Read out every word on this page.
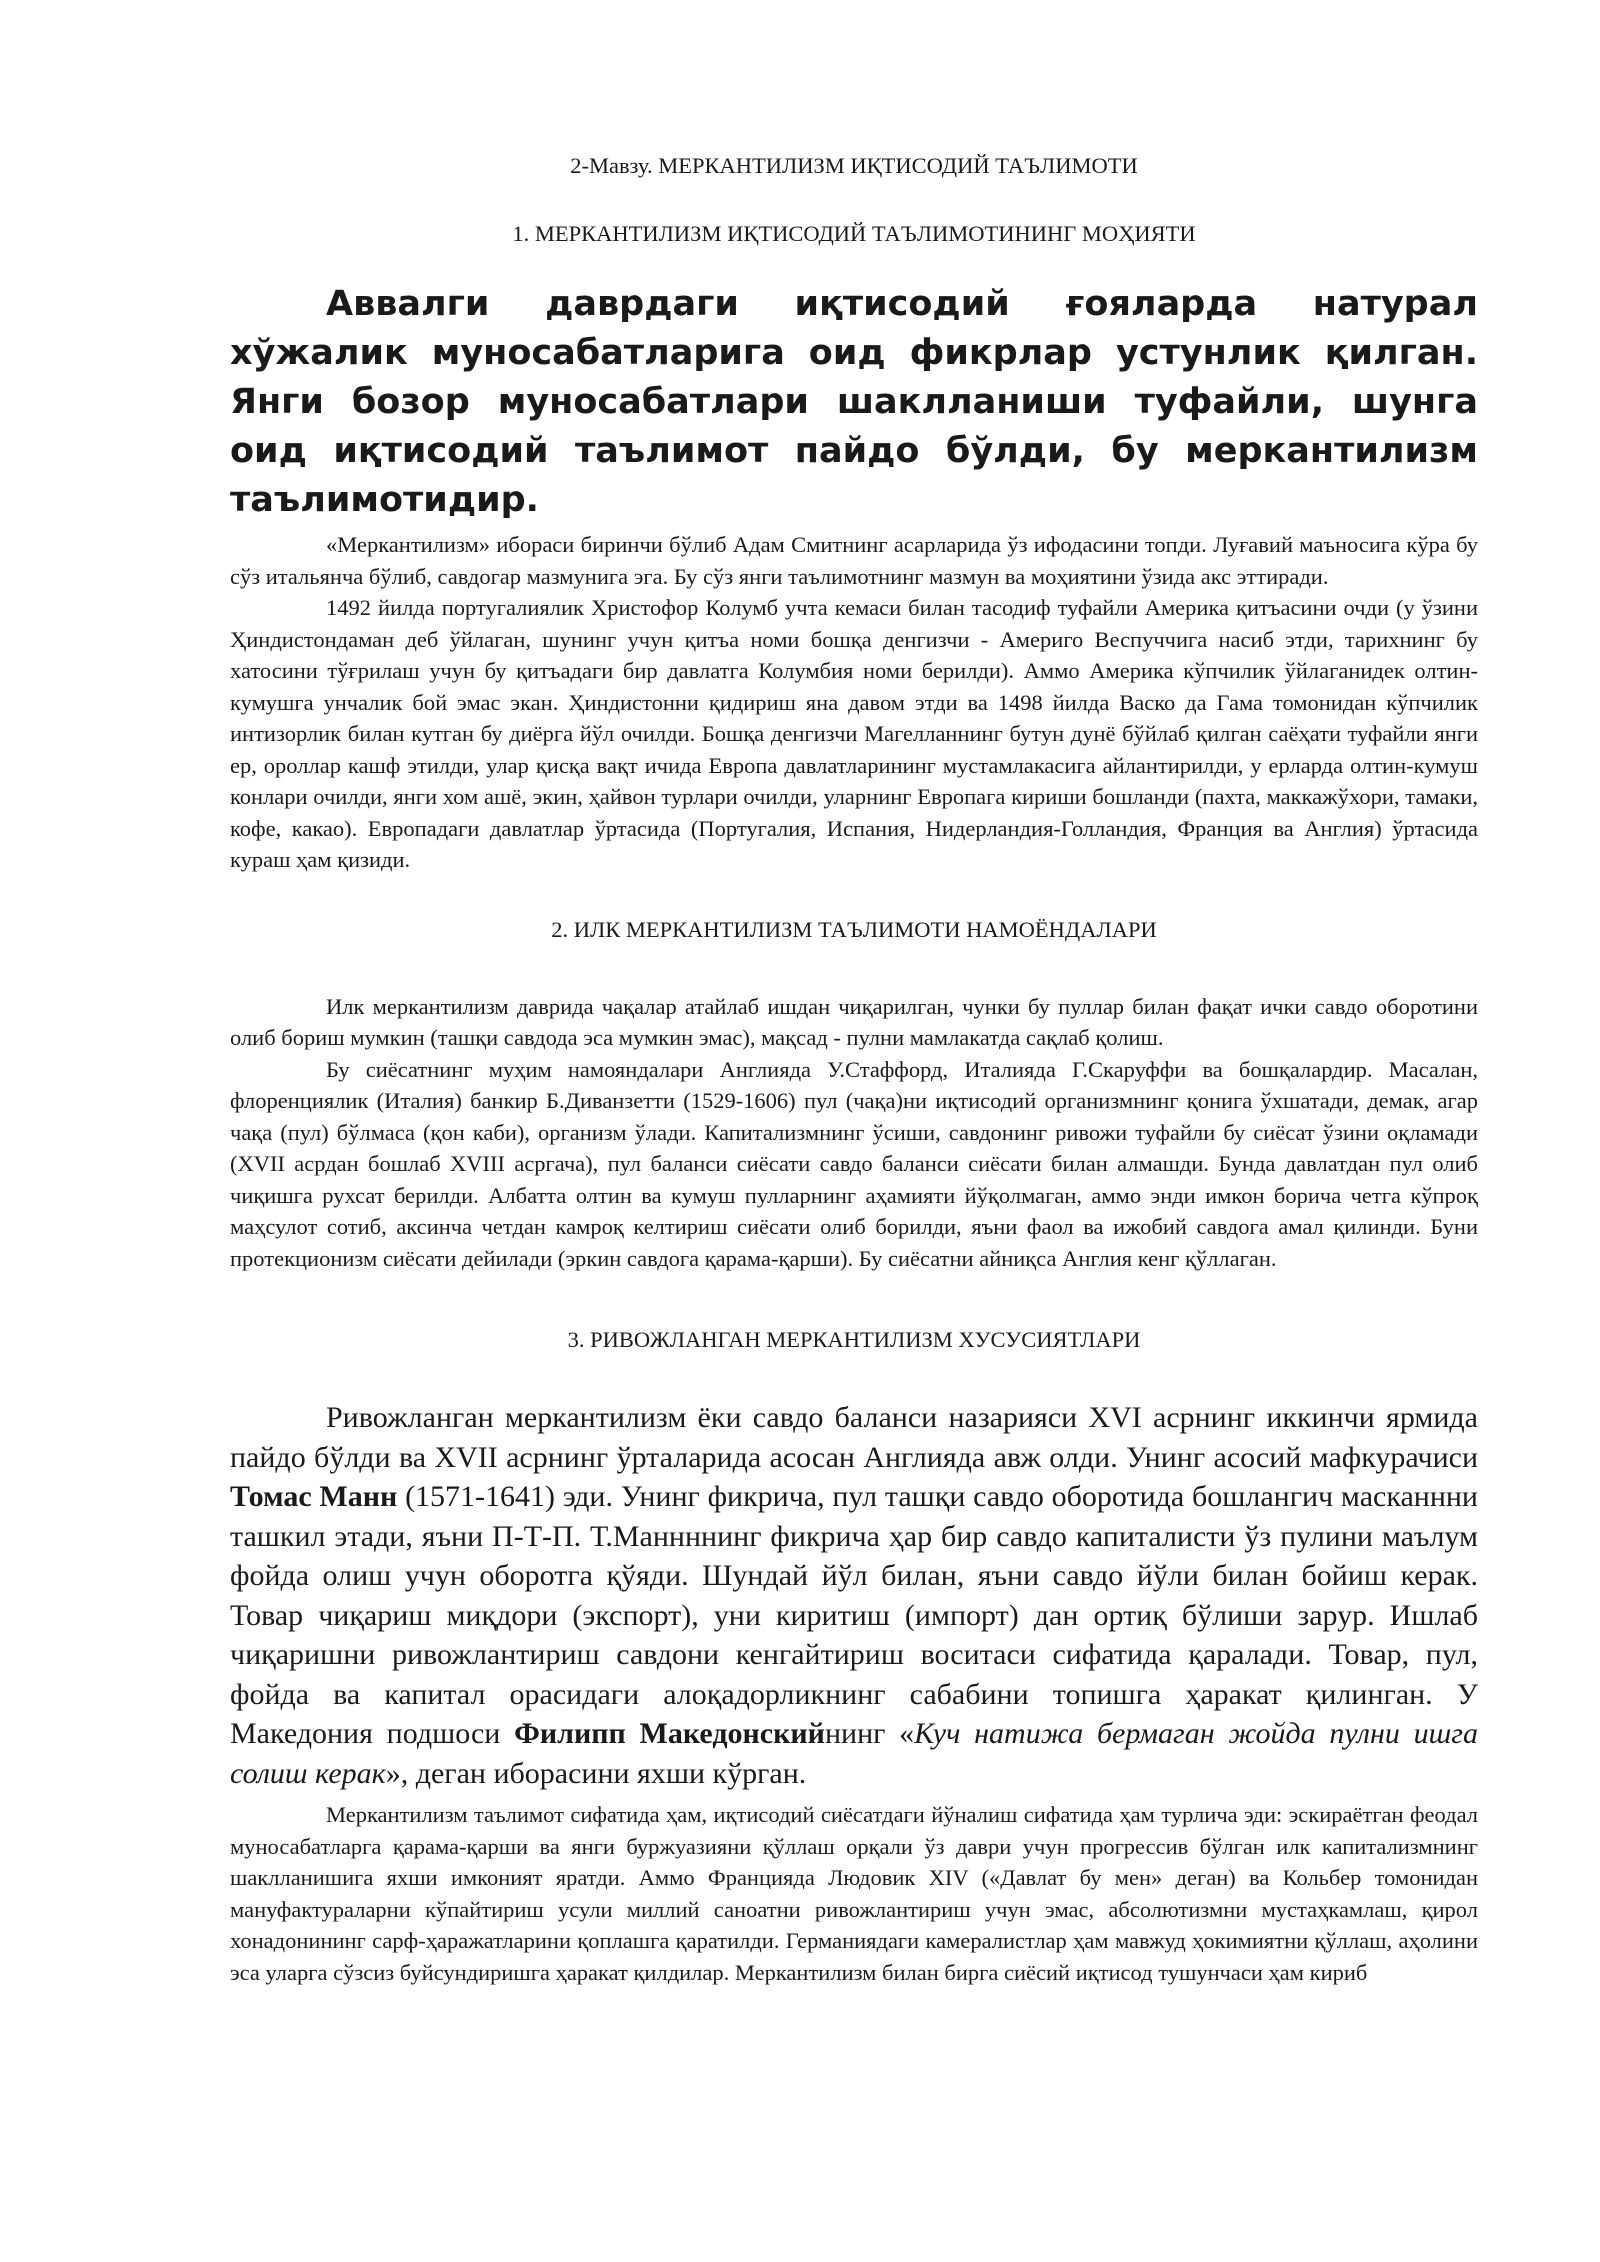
2-Мавзу. МЕРКАНТИЛИЗМ ИҚТИСОДИЙ ТАЪЛИМОТИ

1. МЕРКАНТИЛИЗМ ИҚТИСОДИЙ ТАЪЛИМОТИНИНГ МОҲИЯТИ

Аввалги даврдаги иқтисодий ғояларда натурал хўжалик муносабатларига оид фикрлар устунлик қилган. Янги бозор муносабатлари шаклланиши туфайли, шунга оид иқтисодий таълимот пайдо бўлди, бу меркантилизм таълимотидир.

«Меркантилизм» ибораси биринчи бўлиб Адам Смитнинг асарларида ўз ифодасини топди. Луғавий маъносига кўра бу сўз итальянча бўлиб, савдогар мазмунига эга. Бу сўз янги таълимотнинг мазмун ва моҳиятини ўзида акс эттиради.

1492 йилда португалиялик Христофор Колумб учта кемаси билан тасодиф туфайли Америка қитъасини очди (у ўзини Ҳиндистондаман деб ўйлаган, шунинг учун қитъа номи бошқа денгизчи - Америго Веспуччига насиб этди, тарихнинг бу хатосини тўғрилаш учун бу қитъадаги бир давлатга Колумбия номи берилди). Аммо Америка кўпчилик ўйлаганидек олтин-кумушга унчалик бой эмас экан. Ҳиндистонни қидириш яна давом этди ва 1498 йилда Васко да Гама томонидан кўпчилик интизорлик билан кутган бу диёрга йўл очилди. Бошқа денгизчи Магелланнинг бутун дунё бўйлаб қилган саёҳати туфайли янги ер, ороллар кашф этилди, улар қисқа вақт ичида Европа давлатларининг мустамлакасига айлантирилди, у ерларда олтин-кумуш конлари очилди, янги хом ашё, экин, ҳайвон турлари очилди, уларнинг Европага кириши бошланди (пахта, маккажўхори, тамаки, кофе, какао). Европадаги давлатлар ўртасида (Португалия, Испания, Нидерландия-Голландия, Франция ва Англия) ўртасида кураш ҳам қизиди.

2. ИЛК МЕРКАНТИЛИЗМ ТАЪЛИМОТИ НАМОЁНДАЛАРИ

Илк меркантилизм даврида чақалар атайлаб ишдан чиқарилган, чунки бу пуллар билан фақат ички савдо оборотини олиб бориш мумкин (ташқи савдода эса мумкин эмас), мақсад - пулни мамлакатда сақлаб қолиш.

Бу сиёсатнинг муҳим намояндалари Англияда У.Стаффорд, Италияда Г.Скаруффи ва бошқалардир. Масалан, флоренциялик (Италия) банкир Б.Диванзетти (1529-1606) пул (чақа)ни иқтисодий организмнинг қонига ўхшатади, демак, агар чақа (пул) бўлмаса (қон каби), организм ўлади. Капитализмнинг ўсиши, савдонинг ривожи туфайли бу сиёсат ўзини оқламади (XVII асрдан бошлаб XVIII асргача), пул баланси сиёсати савдо баланси сиёсати билан алмашди. Бунда давлатдан пул олиб чиқишга рухсат берилди. Албатта олтин ва кумуш пулларнинг аҳамияти йўқолмаган, аммо энди имкон борича четга кўпроқ маҳсулот сотиб, аксинча четдан камроқ келтириш сиёсати олиб борилди, яъни фаол ва ижобий савдога амал қилинди. Буни протекционизм сиёсати дейилади (эркин савдога қарама-қарши). Бу сиёсатни айниқса Англия кенг қўллаган.

3. РИВОЖЛАНГАН МЕРКАНТИЛИЗМ ХУСУСИЯТЛАРИ

Ривожланган меркантилизм ёки савдо баланси назарияси XVI асрнинг иккинчи ярмида пайдо бўлди ва XVII асрнинг ўрталарида асосан Англияда авж олди. Унинг асосий мафкурачиси Томас Манн (1571-1641) эди. Унинг фикрича, пул ташқи савдо оборотида бошлангич масканнни ташкил этади, яъни П-Т-П. Т.Маннннинг фикрича ҳар бир савдо капиталисти ўз пулини маълум фойда олиш учун оборотга қўяди. Шундай йўл билан, яъни савдо йўли билан бойиш керак. Товар чиқариш миқдори (экспорт), уни киритиш (импорт) дан ортиқ бўлиши зарур. Ишлаб чиқаришни ривожлантириш савдони кенгайтириш воситаси сифатида қаралади. Товар, пул, фойда ва капитал орасидаги алоқадорликнинг сабабини топишга ҳаракат қилинган. У Македония подшоси Филипп Македонскийнинг «Куч натижа бермаган жойда пулни ишга солиш керак», деган иборасини яхши кўрган.

Меркантилизм таълимот сифатида ҳам, иқтисодий сиёсатдаги йўналиш сифатида ҳам турлича эди: эскираётган феодал муносабатларга қарама-қарши ва янги буржуазияни қўллаш орқали ўз даври учун прогрессив бўлган илк капитализмнинг шаклланишига яхши имконият яратди. Аммо Францияда Людовик XIV («Давлат бу мен» деган) ва Кольбер томонидан мануфактураларни кўпайтириш усули миллий саноатни ривожлантириш учун эмас, абсолютизмни мустаҳкамлаш, қирол хонадонининг сарф-ҳаражатларини қоплашга қаратилди. Германиядаги камералистлар ҳам мавжуд ҳокимиятни қўллаш, аҳолини эса уларга сўзсиз буйсундиришга ҳаракат қилдилар. Меркантилизм билан бирга сиёсий иқтисод тушунчаси ҳам кириб
